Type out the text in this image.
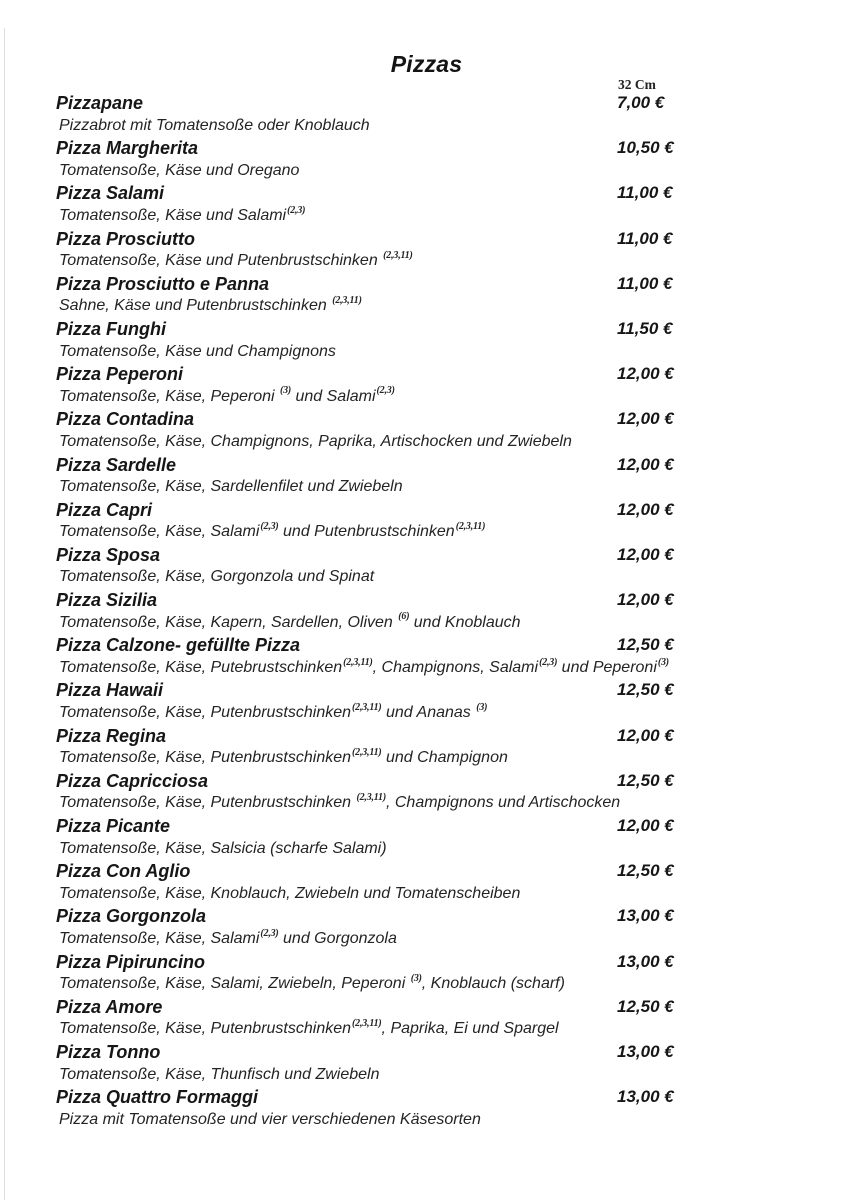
Pizzas
32 Cm
Pizzapane	7,00 €
Pizzabrot mit Tomatensoße oder Knoblauch
Pizza Margherita	10,50 €
Tomatensoße, Käse und Oregano
Pizza Salami	11,00 €
Tomatensoße, Käse und Salami$^{(2,3)}$
Pizza Prosciutto	11,00 €
Tomatensoße, Käse und Putenbrustschinken $^{(2,3,11)}$
Pizza Prosciutto e Panna	11,00 €
Sahne, Käse und Putenbrustschinken $^{(2,3,11)}$
Pizza Funghi	11,50 €
Tomatensoße, Käse und Champignons
Pizza Peperoni	12,00 €
Tomatensoße, Käse, Peperoni $^{(3)}$ und Salami$^{(2,3)}$
Pizza Contadina	12,00 €
Tomatensoße, Käse, Champignons, Paprika, Artischocken und Zwiebeln
Pizza Sardelle	12,00 €
Tomatensoße, Käse, Sardellenfilet und Zwiebeln
Pizza Capri	12,00 €
Tomatensoße, Käse, Salami$^{(2,3)}$ und Putenbrustschinken$^{(2,3,11)}$
Pizza Sposa	12,00 €
Tomatensoße, Käse, Gorgonzola und Spinat
Pizza Sizilia	12,00 €
Tomatensoße, Käse, Kapern, Sardellen, Oliven $^{(6)}$ und Knoblauch
Pizza Calzone- gefüllte Pizza	12,50 €
Tomatensoße, Käse, Putebrustschinken$^{(2,3,11)}$, Champignons, Salami$^{(2,3)}$ und Peperoni$^{(3)}$
Pizza Hawaii	12,50 €
Tomatensoße, Käse, Putenbrustschinken$^{(2,3,11)}$ und Ananas $^{(3)}$
Pizza Regina	12,00 €
Tomatensoße, Käse, Putenbrustschinken$^{(2,3,11)}$ und Champignon
Pizza Capricciosa	12,50 €
Tomatensoße, Käse, Putenbrustschinken $^{(2,3,11)}$, Champignons und Artischocken
Pizza Picante	12,00 €
Tomatensoße, Käse, Salsicia (scharfe Salami)
Pizza Con Aglio	12,50 €
Tomatensoße, Käse, Knoblauch, Zwiebeln und Tomatenscheiben
Pizza Gorgonzola	13,00 €
Tomatensoße, Käse, Salami$^{(2,3)}$ und Gorgonzola
Pizza Pipiruncino	13,00 €
Tomatensoße, Käse, Salami, Zwiebeln, Peperoni $^{(3)}$, Knoblauch (scharf)
Pizza Amore	12,50 €
Tomatensoße, Käse, Putenbrustschinken$^{(2,3,11)}$, Paprika, Ei und Spargel
Pizza Tonno	13,00 €
Tomatensoße, Käse, Thunfisch und Zwiebeln
Pizza Quattro Formaggi	13,00 €
Pizza mit Tomatensoße und vier verschiedenen Käsesorten
